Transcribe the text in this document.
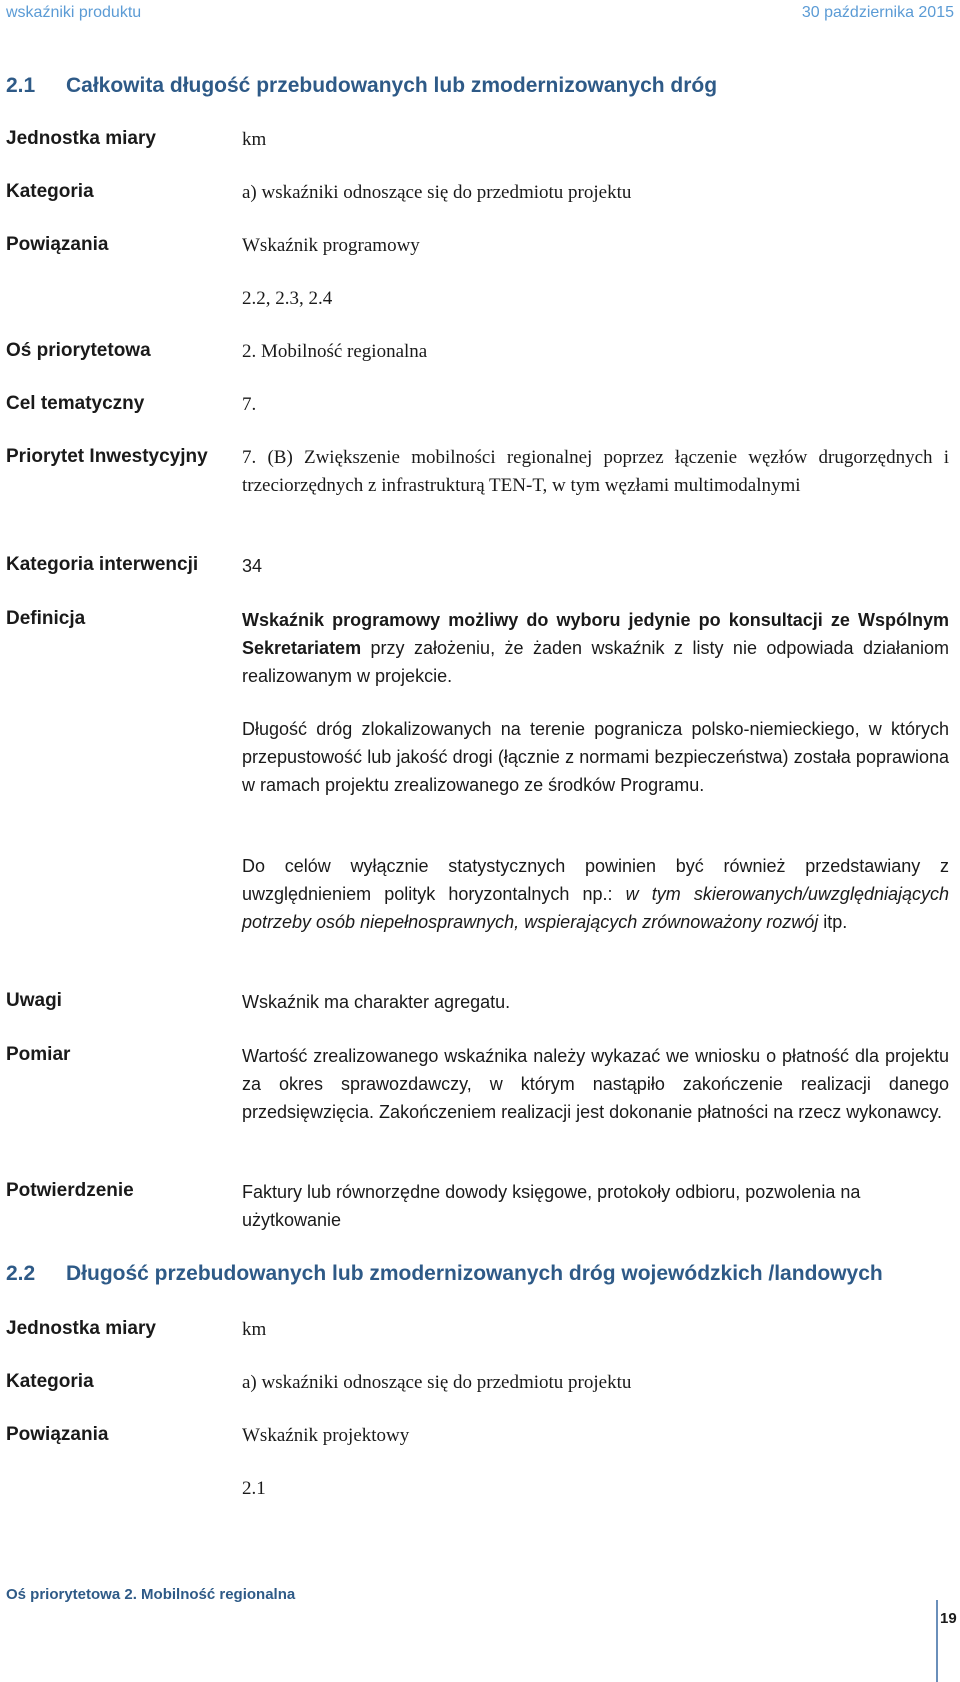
wskaźniki produktu	30 października 2015
2.1	Całkowita długość przebudowanych lub zmodernizowanych dróg
Jednostka miary	km
Kategoria	a) wskaźniki odnoszące się do przedmiotu projektu
Powiązania	Wskaźnik programowy
2.2, 2.3, 2.4
Oś priorytetowa	2. Mobilność regionalna
Cel tematyczny	7.
Priorytet Inwestycyjny 7. (B) Zwiększenie mobilności regionalnej poprzez łączenie węzłów drugorzędnych i trzeciorzędnych z infrastrukturą TEN-T, w tym węzłami multimodalnymi
Kategoria interwencji 34
Definicja	Wskaźnik programowy możliwy do wyboru jedynie po konsultacji ze Wspólnym Sekretariatem przy założeniu, że żaden wskaźnik z listy nie odpowiada działaniom realizowanym w projekcie.
Długość dróg zlokalizowanych na terenie pogranicza polsko-niemieckiego, w których przepustowość lub jakość drogi (łącznie z normami bezpieczeństwa) została poprawiona w ramach projektu zrealizowanego ze środków Programu.
Do celów wyłącznie statystycznych powinien być również przedstawiany z uwzględnieniem polityk horyzontalnych np.: w tym skierowanych/uwzględniających potrzeby osób niepełnosprawnych, wspierających zrównoważony rozwój itp.
Uwagi	Wskaźnik ma charakter agregatu.
Pomiar	Wartość zrealizowanego wskaźnika należy wykazać we wniosku o płatność dla projektu za okres sprawozdawczy, w którym nastąpiło zakończenie realizacji danego przedsięwzięcia. Zakończeniem realizacji jest dokonanie płatności na rzecz wykonawcy.
Potwierdzenie	Faktury lub równorzędne dowody księgowe, protokoły odbioru, pozwolenia na użytkowanie
2.2	Długość przebudowanych lub zmodernizowanych dróg wojewódzkich /landowych
Jednostka miary	km
Kategoria	a) wskaźniki odnoszące się do przedmiotu projektu
Powiązania	Wskaźnik projektowy
2.1
Oś priorytetowa 2. Mobilność regionalna
19
